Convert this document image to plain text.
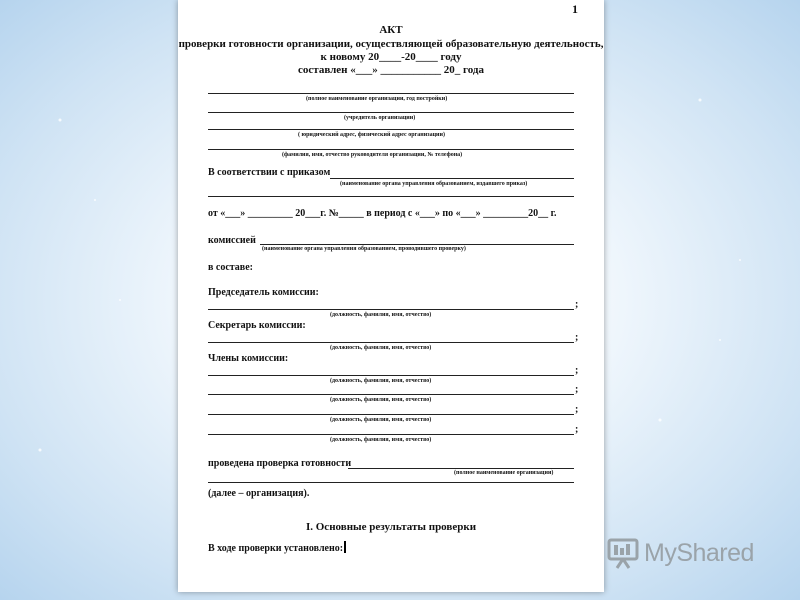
1
АКТ
проверки готовности организации, осуществляющей образовательную деятельность,
к новому 20____-20____ году
составлен «___» ___________ 20_ года
(полное наименование организации, год постройки)
(учредитель организации)
( юридический адрес, физический адрес организации)
(фамилия, имя, отчество руководителя организации, № телефона)
В соответствии с приказом
(наименование органа управления образованием, издавшего приказ)
от «___» _________ 20___г. №_____ в период с «___» по «___» _________20__ г.
комиссией
(наименование органа управления образованием, проводившего проверку)
в составе:
Председатель комиссии:
;
(должность, фамилия, имя, отчество)
Секретарь комиссии:
;
(должность, фамилия, имя, отчество)
Члены комиссии:
;
(должность, фамилия, имя, отчество)
;
(должность, фамилия, имя, отчество)
;
(должность, фамилия, имя, отчество)
;
(должность, фамилия, имя, отчество)
проведена проверка готовности
(полное наименование организации)
(далее – организация).
I. Основные результаты проверки
В ходе проверки установлено:	MyShared
